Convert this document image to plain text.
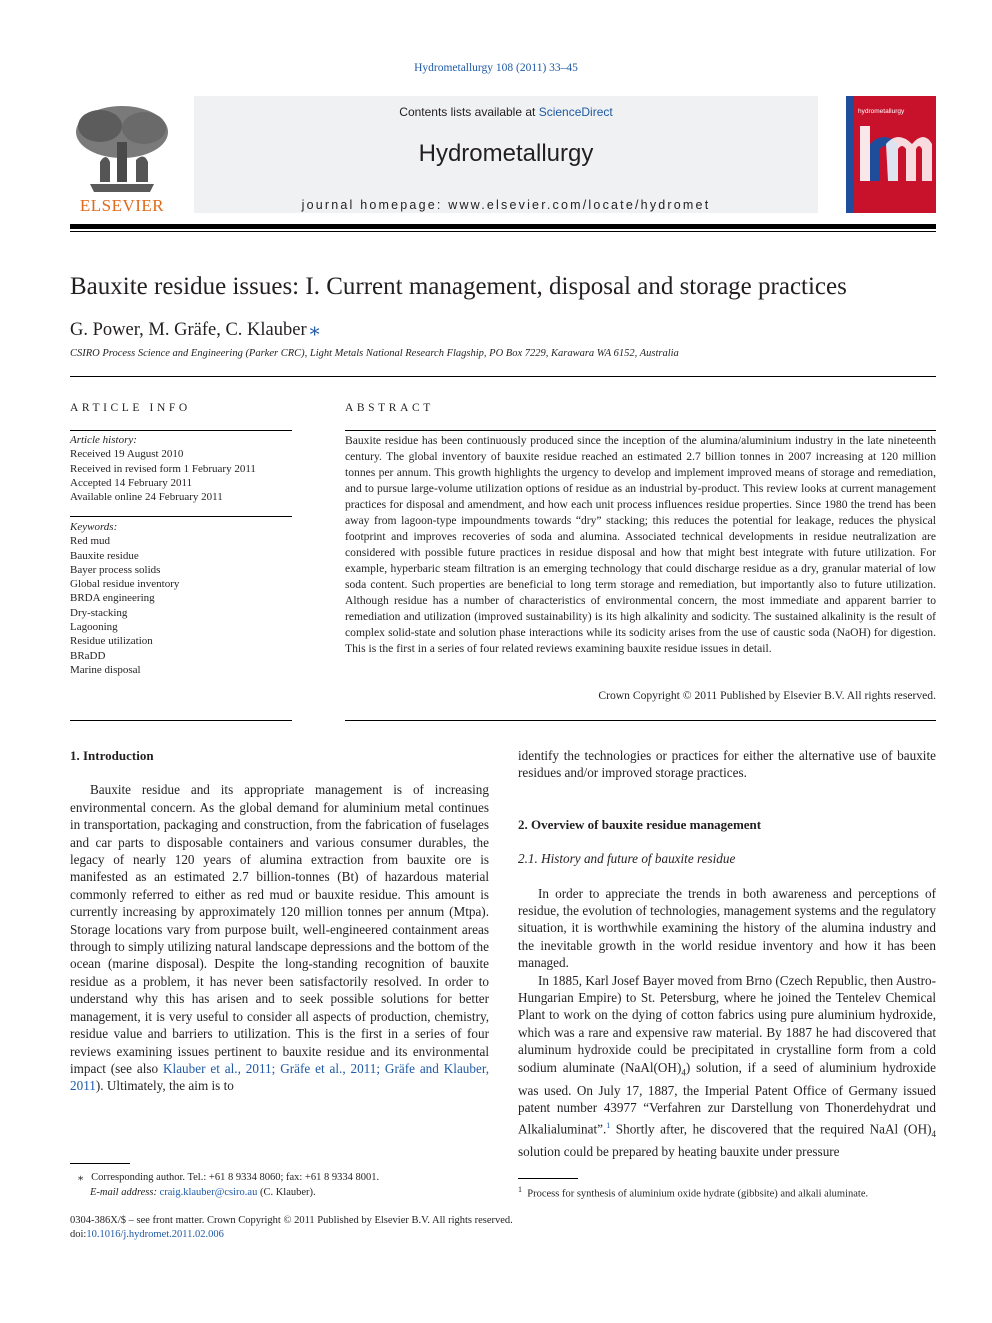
Hydrometallurgy 108 (2011) 33–45
ELSEVIER
Contents lists available at ScienceDirect
Hydrometallurgy
journal homepage: www.elsevier.com/locate/hydromet
hydrometallurgy
Bauxite residue issues: I. Current management, disposal and storage practices
G. Power, M. Gräfe, C. Klauber ⁎
CSIRO Process Science and Engineering (Parker CRC), Light Metals National Research Flagship, PO Box 7229, Karawara WA 6152, Australia
ARTICLE INFO	ABSTRACT
Article history:
Received 19 August 2010
Received in revised form 1 February 2011
Accepted 14 February 2011
Available online 24 February 2011
Keywords:
Red mud
Bauxite residue
Bayer process solids
Global residue inventory
BRDA engineering
Dry-stacking
Lagooning
Residue utilization
BRaDD
Marine disposal
Bauxite residue has been continuously produced since the inception of the alumina/aluminium industry in the late nineteenth century. The global inventory of bauxite residue reached an estimated 2.7 billion tonnes in 2007 increasing at 120 million tonnes per annum. This growth highlights the urgency to develop and implement improved means of storage and remediation, and to pursue large-volume utilization options of residue as an industrial by-product. This review looks at current management practices for disposal and amendment, and how each unit process influences residue properties. Since 1980 the trend has been away from lagoon-type impoundments towards “dry” stacking; this reduces the potential for leakage, reduces the physical footprint and improves recoveries of soda and alumina. Associated technical developments in residue neutralization are considered with possible future practices in residue disposal and how that might best integrate with future utilization. For example, hyperbaric steam filtration is an emerging technology that could discharge residue as a dry, granular material of low soda content. Such properties are beneficial to long term storage and remediation, but importantly also to future utilization. Although residue has a number of characteristics of environmental concern, the most immediate and apparent barrier to remediation and utilization (improved sustainability) is its high alkalinity and sodicity. The sustained alkalinity is the result of complex solid-state and solution phase interactions while its sodicity arises from the use of caustic soda (NaOH) for digestion. This is the first in a series of four related reviews examining bauxite residue issues in detail.
Crown Copyright © 2011 Published by Elsevier B.V. All rights reserved.
1. Introduction

Bauxite residue and its appropriate management is of increasing environmental concern. As the global demand for aluminium metal continues in transportation, packaging and construction, from the fabrication of fuselages and car parts to disposable containers and various consumer durables, the legacy of nearly 120 years of alumina extraction from bauxite ore is manifested as an estimated 2.7 billion-tonnes (Bt) of hazardous material commonly referred to either as red mud or bauxite residue. This amount is currently increasing by approximately 120 million tonnes per annum (Mtpa). Storage locations vary from purpose built, well-engineered containment areas through to simply utilizing natural landscape depressions and the bottom of the ocean (marine disposal). Despite the long-standing recognition of bauxite residue as a problem, it has never been satisfactorily resolved. In order to understand why this has arisen and to seek possible solutions for better management, it is very useful to consider all aspects of production, chemistry, residue value and barriers to utilization. This is the first in a series of four reviews examining issues pertinent to bauxite residue and its environmental impact (see also Klauber et al., 2011; Gräfe et al., 2011; Gräfe and Klauber, 2011). Ultimately, the aim is to

identify the technologies or practices for either the alternative use of bauxite residues and/or improved storage practices.

2. Overview of bauxite residue management
2.1. History and future of bauxite residue

In order to appreciate the trends in both awareness and perceptions of residue, the evolution of technologies, management systems and the regulatory situation, it is worthwhile examining the history of the alumina industry and the inevitable growth in the world residue inventory and how it has been managed.

In 1885, Karl Josef Bayer moved from Brno (Czech Republic, then Austro-Hungarian Empire) to St. Petersburg, where he joined the Tentelev Chemical Plant to work on the dying of cotton fabrics using pure aluminium hydroxide, which was a rare and expensive raw material. By 1887 he had discovered that aluminum hydroxide could be precipitated in crystalline form from a cold sodium aluminate $(NaAl(OH)_4)$ solution, if a seed of aluminium hydroxide was used. On July 17, 1887, the Imperial Patent Office of Germany issued patent number 43977 “Verfahren zur Darstellung von Thonerdehydrat und Alkalialuminat”.$^1$ Shortly after, he discovered that the required NaAl $(OH)_4$ solution could be prepared by heating bauxite under pressure

⁎ Corresponding author. Tel.: +61 8 9334 8060; fax: +61 8 9334 8001.
E-mail address: craig.klauber@csiro.au (C. Klauber).	$^1$ Process for synthesis of aluminium oxide hydrate (gibbsite) and alkali aluminate.
0304-386X/$ – see front matter. Crown Copyright © 2011 Published by Elsevier B.V. All rights reserved.
doi:10.1016/j.hydromet.2011.02.006
